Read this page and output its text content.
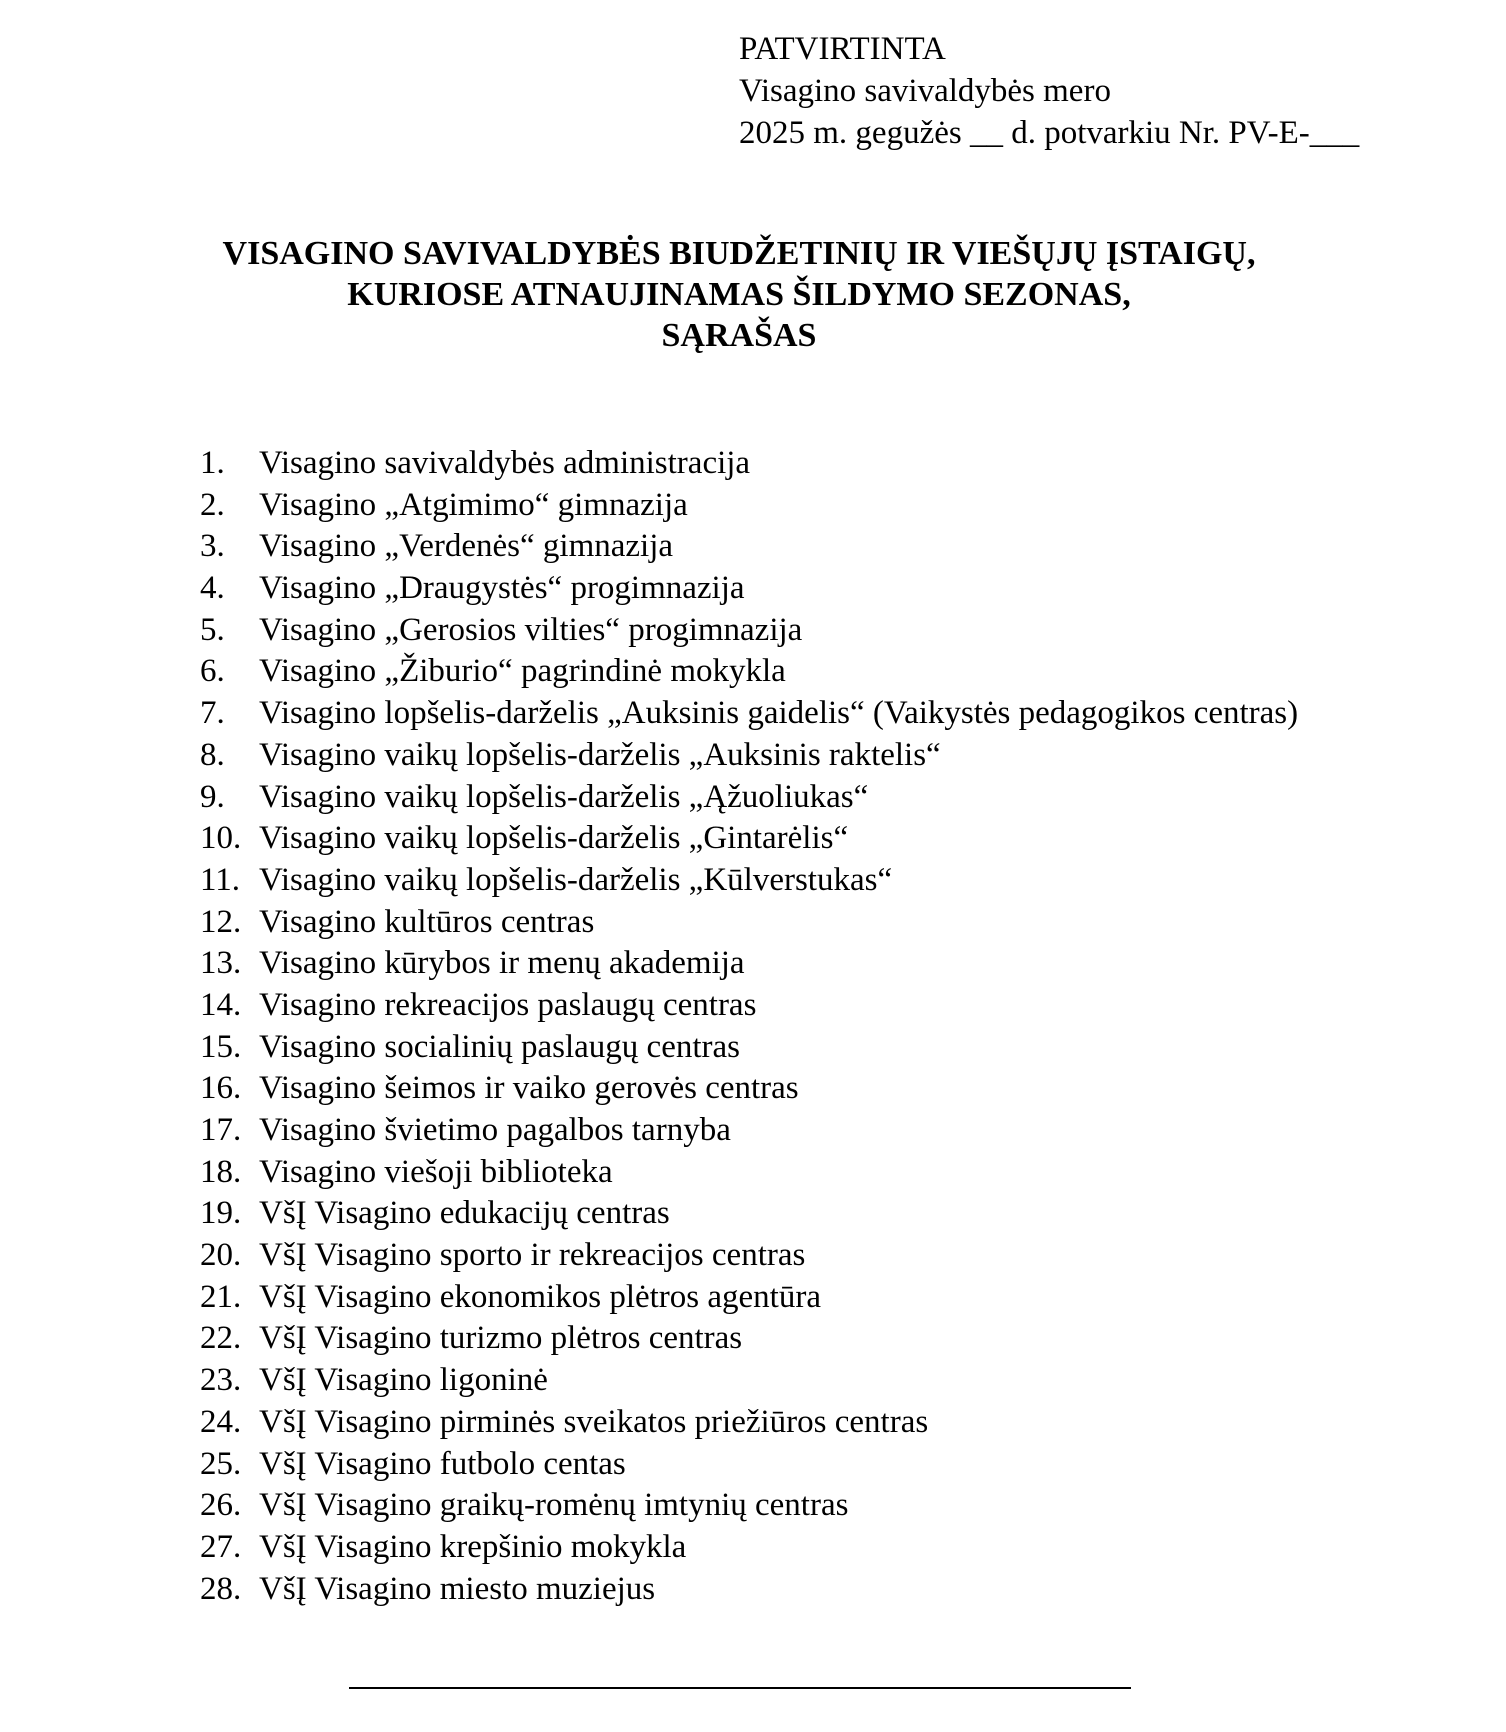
PATVIRTINTA
Visagino savivaldybės mero
2025 m. gegužės __ d. potvarkiu Nr. PV-E-___
VISAGINO SAVIVALDYBĖS BIUDŽETINIŲ IR VIEŠŲJŲ ĮSTAIGŲ,
KURIOSE ATNAUJINAMAS ŠILDYMO SEZONAS,
SĄRAŠAS
1.	Visagino savivaldybės administracija
2.	Visagino „Atgimimo“ gimnazija
3.	Visagino „Verdenės“ gimnazija
4.	Visagino „Draugystės“ progimnazija
5.	Visagino „Gerosios vilties“ progimnazija
6.	Visagino „Žiburio“ pagrindinė mokykla
7.	Visagino lopšelis-darželis „Auksinis gaidelis“ (Vaikystės pedagogikos centras)
8.	Visagino vaikų lopšelis-darželis „Auksinis raktelis“
9.	Visagino vaikų lopšelis-darželis „Ąžuoliukas“
10. Visagino vaikų lopšelis-darželis „Gintarėlis“
11. Visagino vaikų lopšelis-darželis „Kūlverstukas“
12. Visagino kultūros centras
13. Visagino kūrybos ir menų akademija
14. Visagino rekreacijos paslaugų centras
15. Visagino socialinių paslaugų centras
16. Visagino šeimos ir vaiko gerovės centras
17. Visagino švietimo pagalbos tarnyba
18. Visagino viešoji biblioteka
19. VšĮ Visagino edukacijų centras
20. VšĮ Visagino sporto ir rekreacijos centras
21. VšĮ Visagino ekonomikos plėtros agentūra
22. VšĮ Visagino turizmo plėtros centras
23. VšĮ Visagino ligoninė
24. VšĮ Visagino pirminės sveikatos priežiūros centras
25. VšĮ Visagino futbolo centas
26. VšĮ Visagino graikų-romėnų imtynių centras
27. VšĮ Visagino krepšinio mokykla
28. VšĮ Visagino miesto muziejus
